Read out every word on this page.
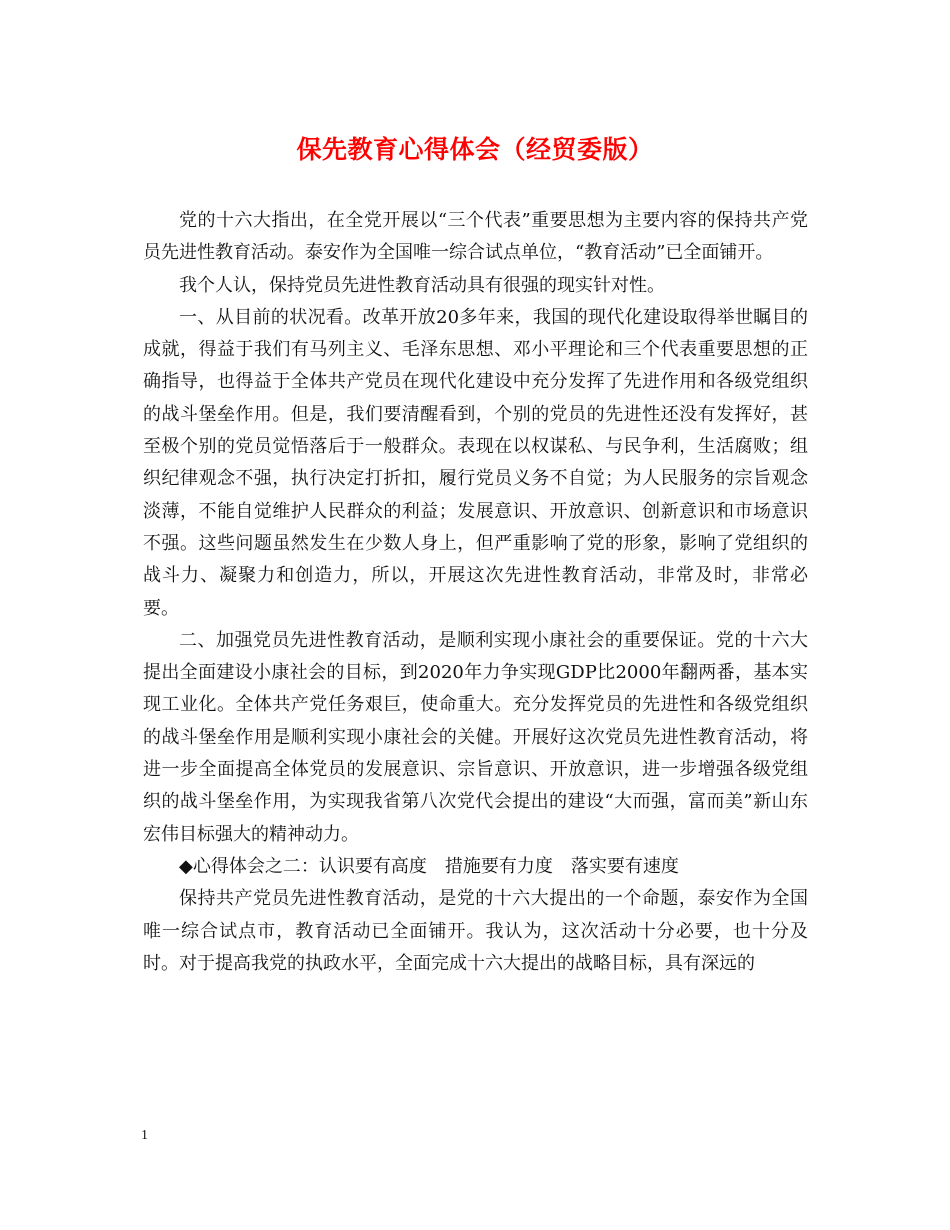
保先教育心得体会（经贸委版）

党的十六大指出，在全党开展以“三个代表”重要思想为主要内容的保持共产党员先进性教育活动。泰安作为全国唯一综合试点单位，“教育活动”已全面铺开。

我个人认，保持党员先进性教育活动具有很强的现实针对性。

一、从目前的状况看。改革开放20多年来，我国的现代化建设取得举世瞩目的成就，得益于我们有马列主义、毛泽东思想、邓小平理论和三个代表重要思想的正确指导，也得益于全体共产党员在现代化建设中充分发挥了先进作用和各级党组织的战斗堡垒作用。但是，我们要清醒看到，个别的党员的先进性还没有发挥好，甚至极个别的党员觉悟落后于一般群众。表现在以权谋私、与民争利，生活腐败；组织纪律观念不强，执行决定打折扣，履行党员义务不自觉；为人民服务的宗旨观念淡薄，不能自觉维护人民群众的利益；发展意识、开放意识、创新意识和市场意识不强。这些问题虽然发生在少数人身上，但严重影响了党的形象，影响了党组织的战斗力、凝聚力和创造力，所以，开展这次先进性教育活动，非常及时，非常必要。

二、加强党员先进性教育活动，是顺利实现小康社会的重要保证。党的十六大提出全面建设小康社会的目标，到2020年力争实现GDP比2000年翻两番，基本实现工业化。全体共产党任务艰巨，使命重大。充分发挥党员的先进性和各级党组织的战斗堡垒作用是顺利实现小康社会的关健。开展好这次党员先进性教育活动，将进一步全面提高全体党员的发展意识、宗旨意识、开放意识，进一步增强各级党组织的战斗堡垒作用，为实现我省第八次党代会提出的建设“大而强，富而美”新山东宏伟目标强大的精神动力。

◆心得体会之二：认识要有高度　措施要有力度　落实要有速度

保持共产党员先进性教育活动，是党的十六大提出的一个命题，泰安作为全国唯一综合试点市，教育活动已全面铺开。我认为，这次活动十分必要，也十分及时。对于提高我党的执政水平，全面完成十六大提出的战略目标，具有深远的

1
